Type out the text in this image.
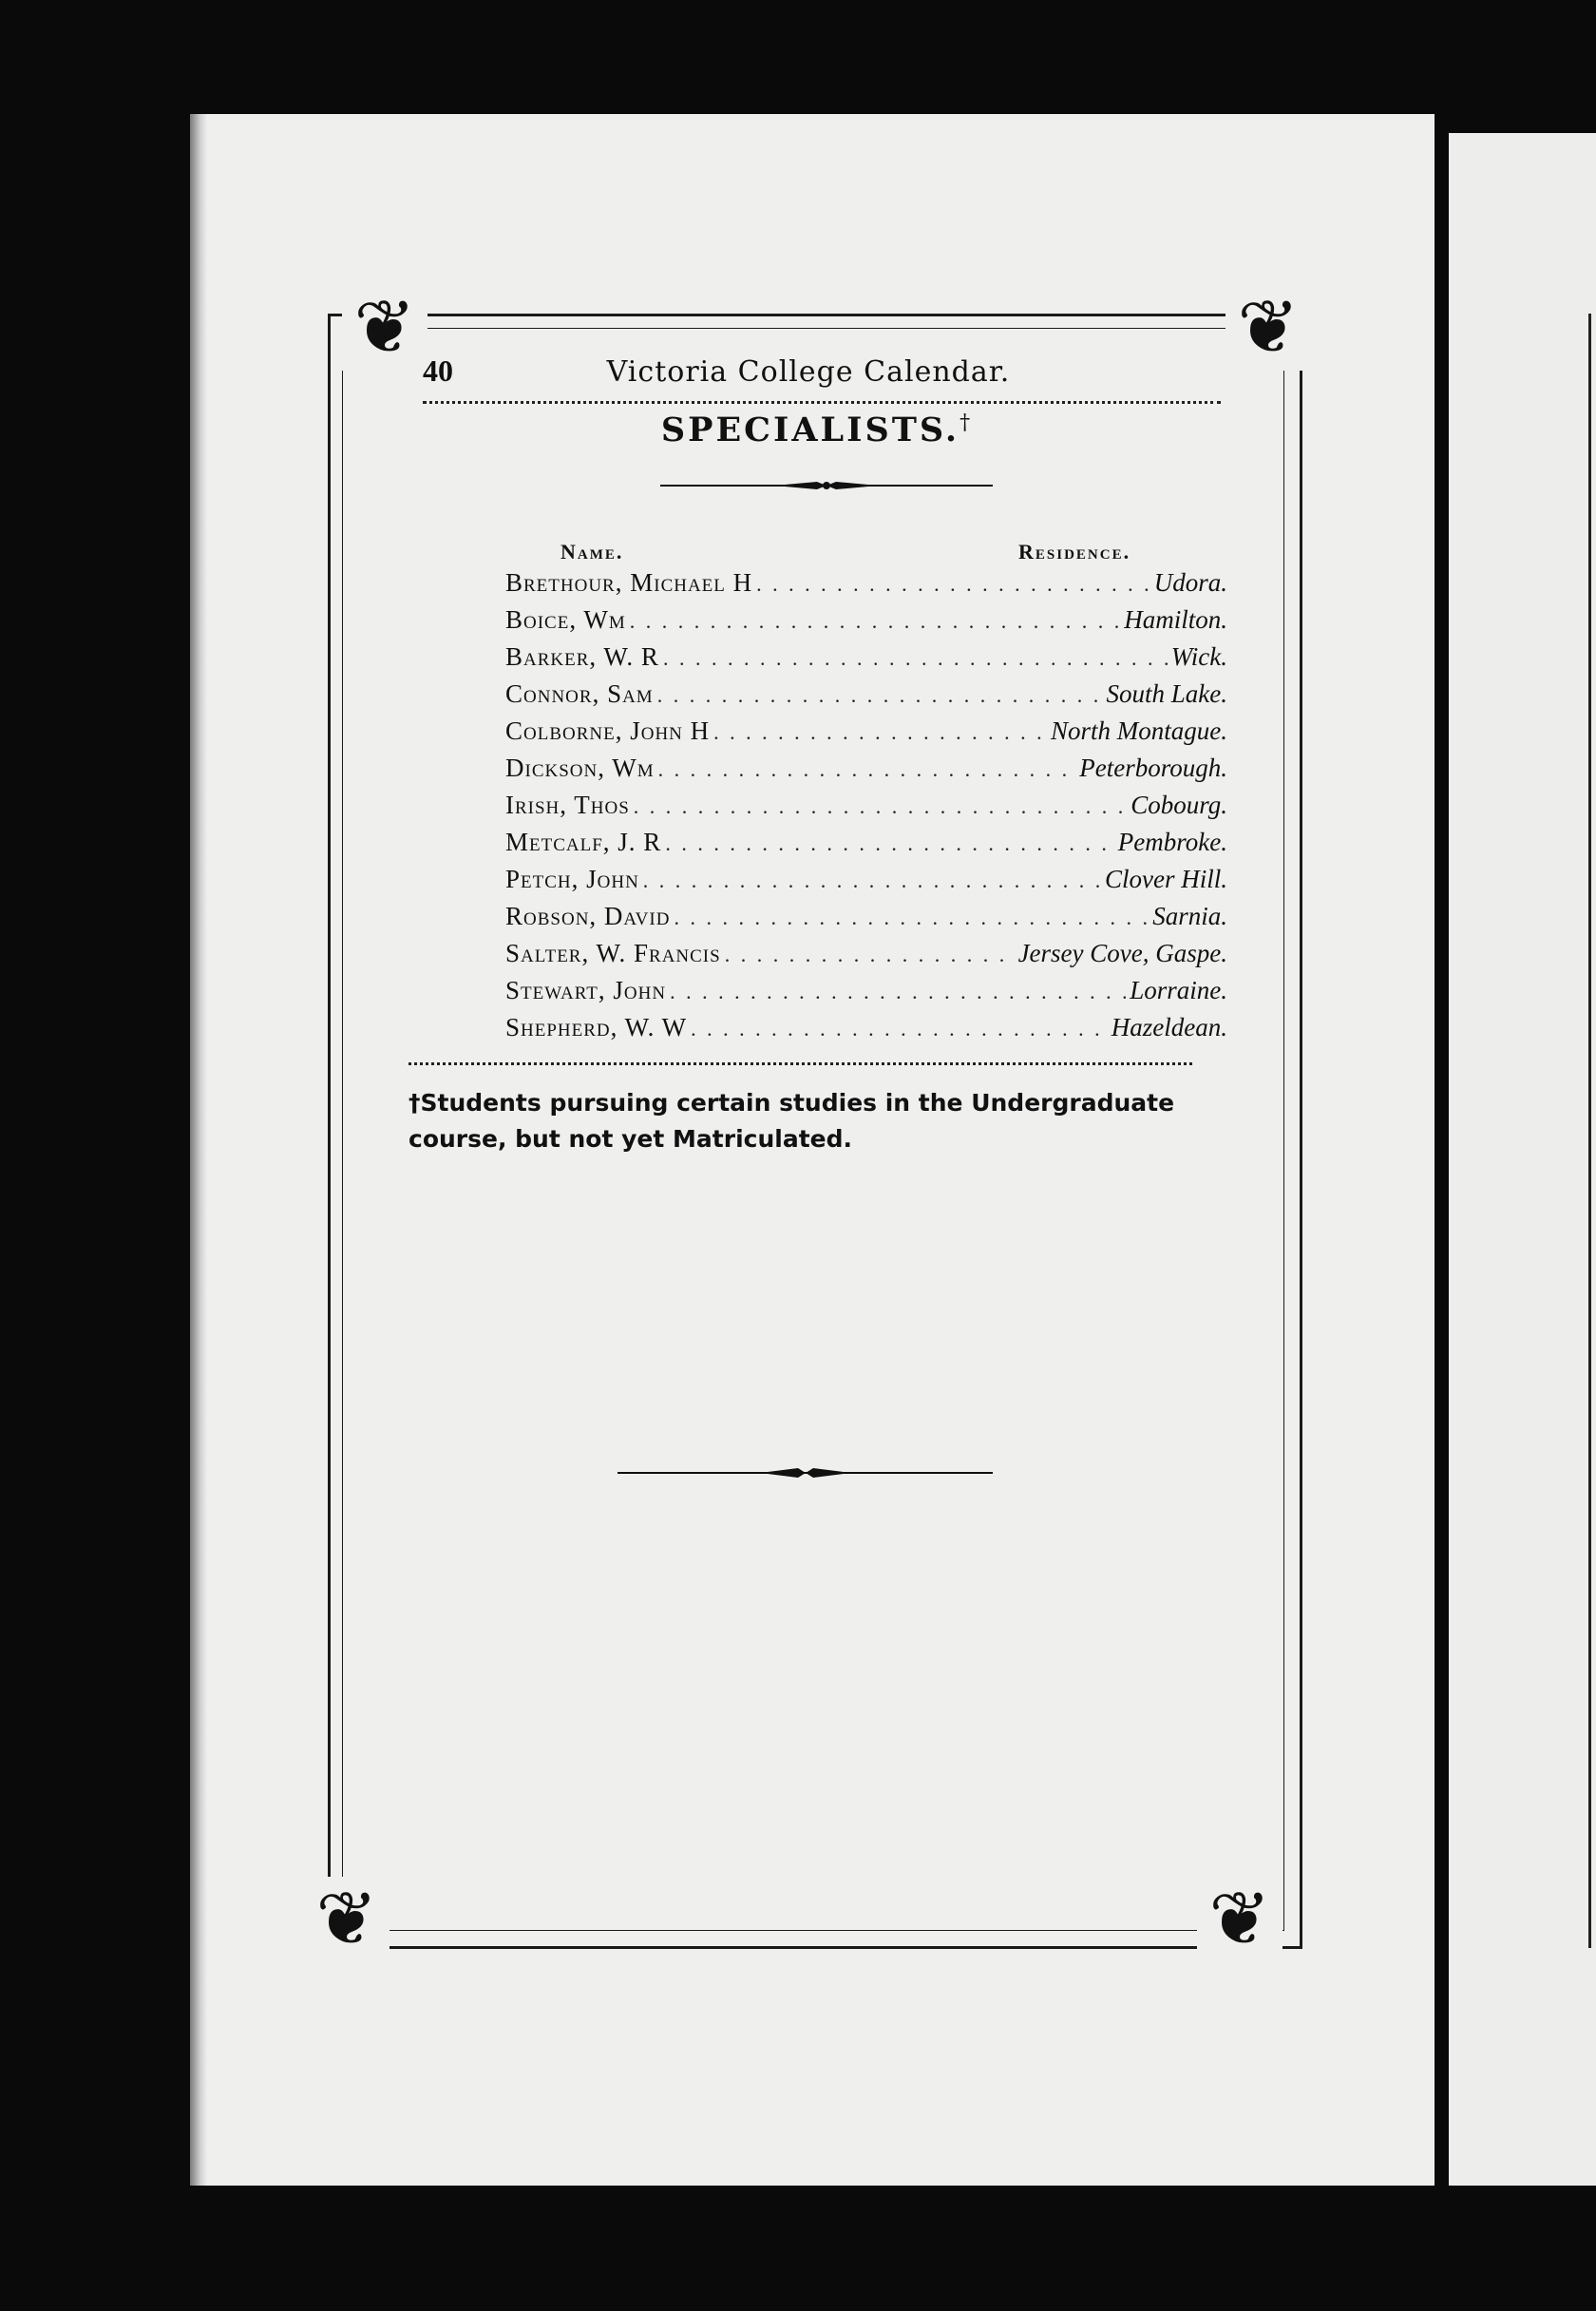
❦	❦
❦	❦
40	Victoria College Calendar.
SPECIALISTS.†
Name.	Residence.
Brethour, Michael H . . .	Udora.
Boice, Wm . . .	Hamilton.
Barker, W. R . . .	Wick.
Connor, Sam . . .	South Lake.
Colborne, John H . . .	North Montague.
Dickson, Wm . . .	Peterborough.
Irish, Thos . . .	Cobourg.
Metcalf, J. R . . .	Pembroke.
Petch, John . . .	Clover Hill.
Robson, David . . .	Sarnia.
Salter, W. Francis . . .	Jersey Cove, Gaspe.
Stewart, John . . .	Lorraine.
Shepherd, W. W . . .	Hazeldean.
†Students pursuing certain studies in the Undergraduate course, but not yet Matriculated.
